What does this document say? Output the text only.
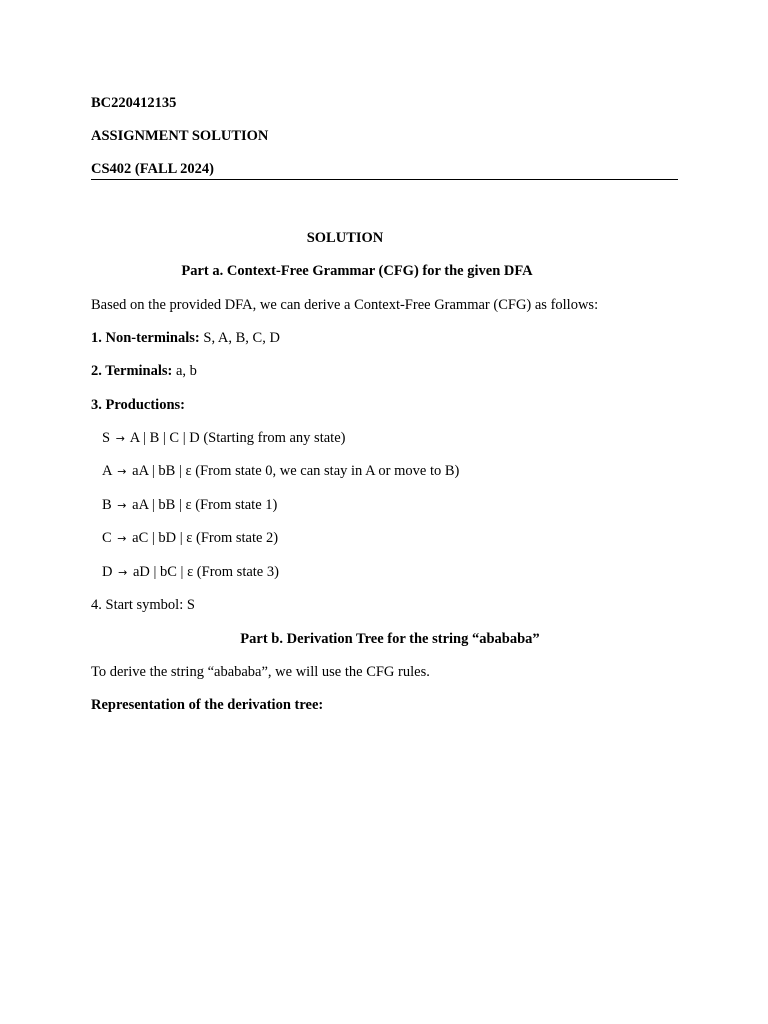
BC220412135
ASSIGNMENT SOLUTION
CS402 (FALL 2024)
SOLUTION
Part a. Context-Free Grammar (CFG) for the given DFA
Based on the provided DFA, we can derive a Context-Free Grammar (CFG) as follows:
1. Non-terminals: S, A, B, C, D
2. Terminals: a, b
3. Productions:
S → A | B | C | D (Starting from any state)
A → aA | bB | ε (From state 0, we can stay in A or move to B)
B → aA | bB | ε (From state 1)
C → aC | bD | ε (From state 2)
D → aD | bC | ε (From state 3)
4. Start symbol: S
Part b. Derivation Tree for the string “abababa”
To derive the string “abababa”, we will use the CFG rules.
Representation of the derivation tree:
